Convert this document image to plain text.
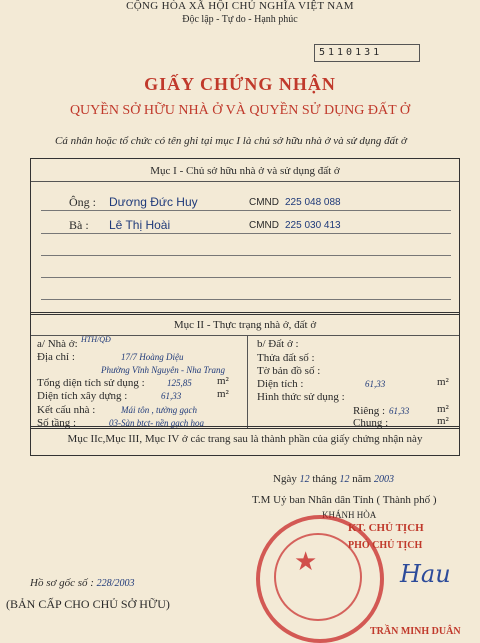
CỘNG HÒA XÃ HỘI CHỦ NGHĨA VIỆT NAM
Độc lập - Tự do - Hạnh phúc
5110131
GIẤY CHỨNG NHẬN
QUYỀN SỞ HỮU NHÀ Ở VÀ QUYỀN SỬ DỤNG ĐẤT Ở
Cá nhân hoặc tổ chức có tên ghi tại mục I là chủ sở hữu nhà ở và sử dụng đất ở
Mục I - Chủ sở hữu nhà ở và sử dụng đất ở
Ông : Dương Đức Huy	CMND 225 048 088
Bà : Lê Thị Hoài	CMND 225 030 413
Mục II - Thực trạng nhà ở, đất ở
a/ Nhà ở: HTH/QĐ
Địa chỉ :	17/7 Hoàng Diệu
Phường Vĩnh Nguyên - Nha Trang
Tổng diện tích sử dụng : 125,85 m²
Diện tích xây dựng :	61,33	m²
Kết cấu nhà :	Mái tôn , tường gạch
Số tầng :	03-Sàn btct- nền gạch hoa
b/ Đất ở :
Thửa đất số :
Tờ bản đồ số :
Diện tích :	61,33	m²
Hình thức sử dụng :
Riêng : 61,33	m²
Chung :	m²
Mục IIc,Mục III, Mục IV ở các trang sau là thành phần của giấy chứng nhận này
Ngày 12 tháng 12 năm 2003
T.M Uỷ ban Nhân dân Tỉnh ( Thành phố )
KHÁNH HÒA
★
KT. CHỦ TỊCH
PHÓ CHỦ TỊCH
Hau
TRẦN MINH DUÂN
Hồ sơ gốc số : 228/2003
(BẢN CẤP CHO CHỦ SỞ HỮU)
